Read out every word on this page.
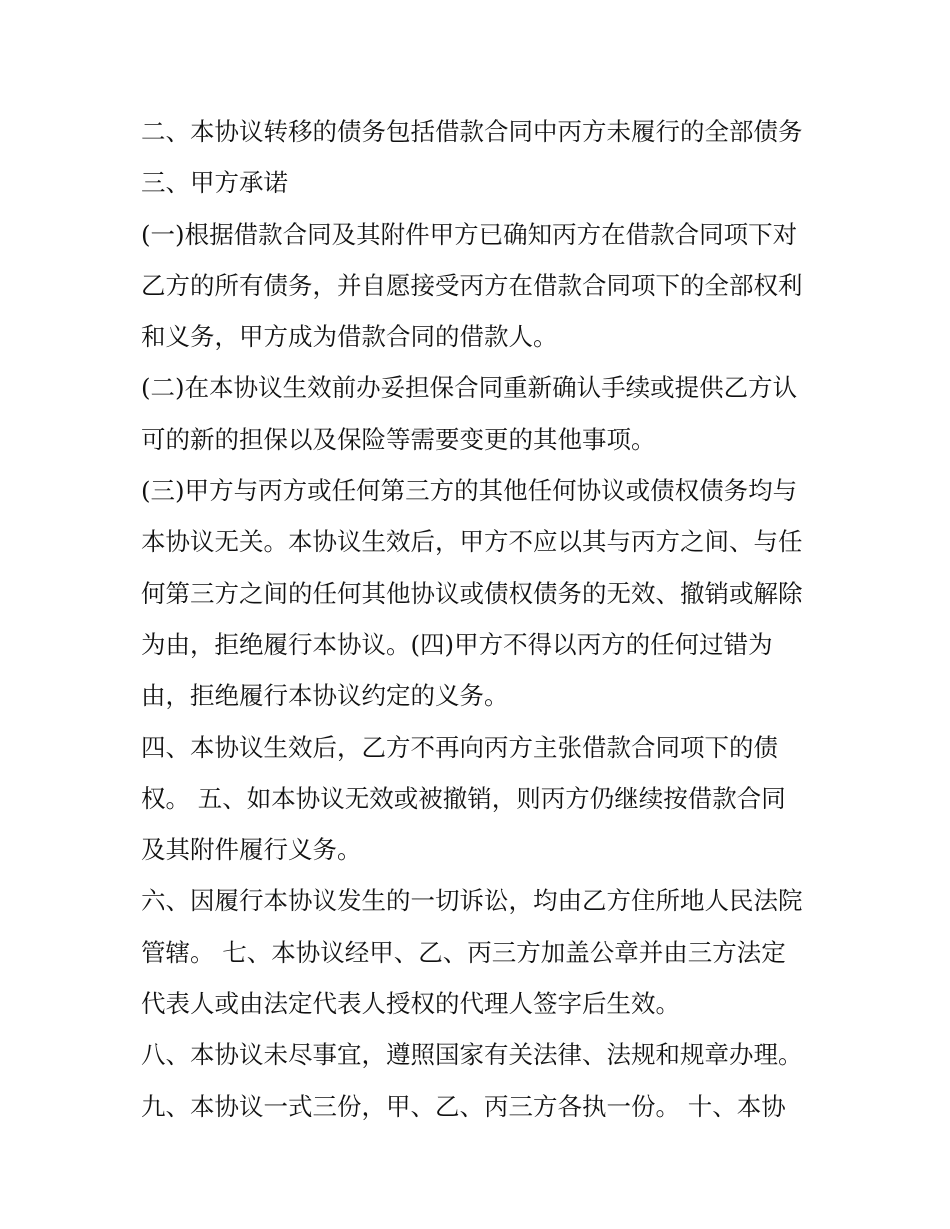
二、本协议转移的债务包括借款合同中丙方未履行的全部债务

三、甲方承诺

(一)根据借款合同及其附件甲方已确知丙方在借款合同项下对

乙方的所有债务，并自愿接受丙方在借款合同项下的全部权利

和义务，甲方成为借款合同的借款人。

(二)在本协议生效前办妥担保合同重新确认手续或提供乙方认

可的新的担保以及保险等需要变更的其他事项。

(三)甲方与丙方或任何第三方的其他任何协议或债权债务均与

本协议无关。本协议生效后，甲方不应以其与丙方之间、与任

何第三方之间的任何其他协议或债权债务的无效、撤销或解除

为由，拒绝履行本协议。(四)甲方不得以丙方的任何过错为

由，拒绝履行本协议约定的义务。

四、本协议生效后，乙方不再向丙方主张借款合同项下的债

权。 五、如本协议无效或被撤销，则丙方仍继续按借款合同

及其附件履行义务。

六、因履行本协议发生的一切诉讼，均由乙方住所地人民法院

管辖。 七、本协议经甲、乙、丙三方加盖公章并由三方法定

代表人或由法定代表人授权的代理人签字后生效。

八、本协议未尽事宜，遵照国家有关法律、法规和规章办理。

九、本协议一式三份，甲、乙、丙三方各执一份。 十、本协
